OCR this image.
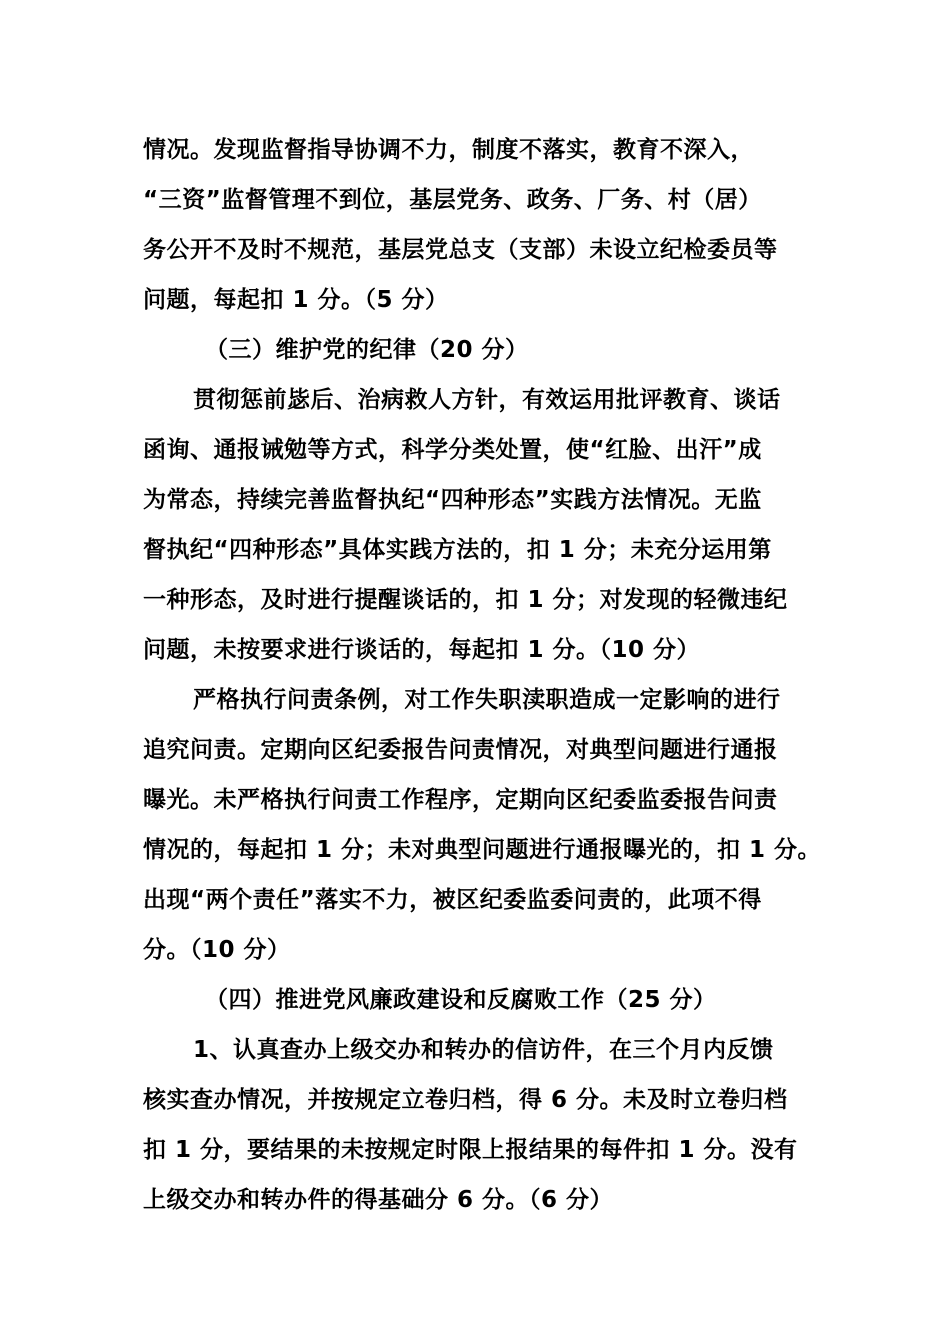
情况。发现监督指导协调不力，制度不落实，教育不深入，
“三资”监督管理不到位，基层党务、政务、厂务、村（居）
务公开不及时不规范，基层党总支（支部）未设立纪检委员等
问题，每起扣 1 分。（5 分）
（三）维护党的纪律（20 分）
贯彻惩前毖后、治病救人方针，有效运用批评教育、谈话
函询、通报诫勉等方式，科学分类处置，使“红脸、出汗”成
为常态，持续完善监督执纪“四种形态”实践方法情况。无监
督执纪“四种形态”具体实践方法的，扣 1 分；未充分运用第
一种形态，及时进行提醒谈话的，扣 1 分；对发现的轻微违纪
问题，未按要求进行谈话的，每起扣 1 分。（10 分）
严格执行问责条例，对工作失职渎职造成一定影响的进行
追究问责。定期向区纪委报告问责情况，对典型问题进行通报
曝光。未严格执行问责工作程序，定期向区纪委监委报告问责
情况的，每起扣 1 分；未对典型问题进行通报曝光的，扣 1 分。
出现“两个责任”落实不力，被区纪委监委问责的，此项不得
分。（10 分）
（四）推进党风廉政建设和反腐败工作（25 分）
1、认真查办上级交办和转办的信访件，在三个月内反馈
核实查办情况，并按规定立卷归档，得 6 分。未及时立卷归档
扣 1 分，要结果的未按规定时限上报结果的每件扣 1 分。没有
上级交办和转办件的得基础分 6 分。（6 分）
